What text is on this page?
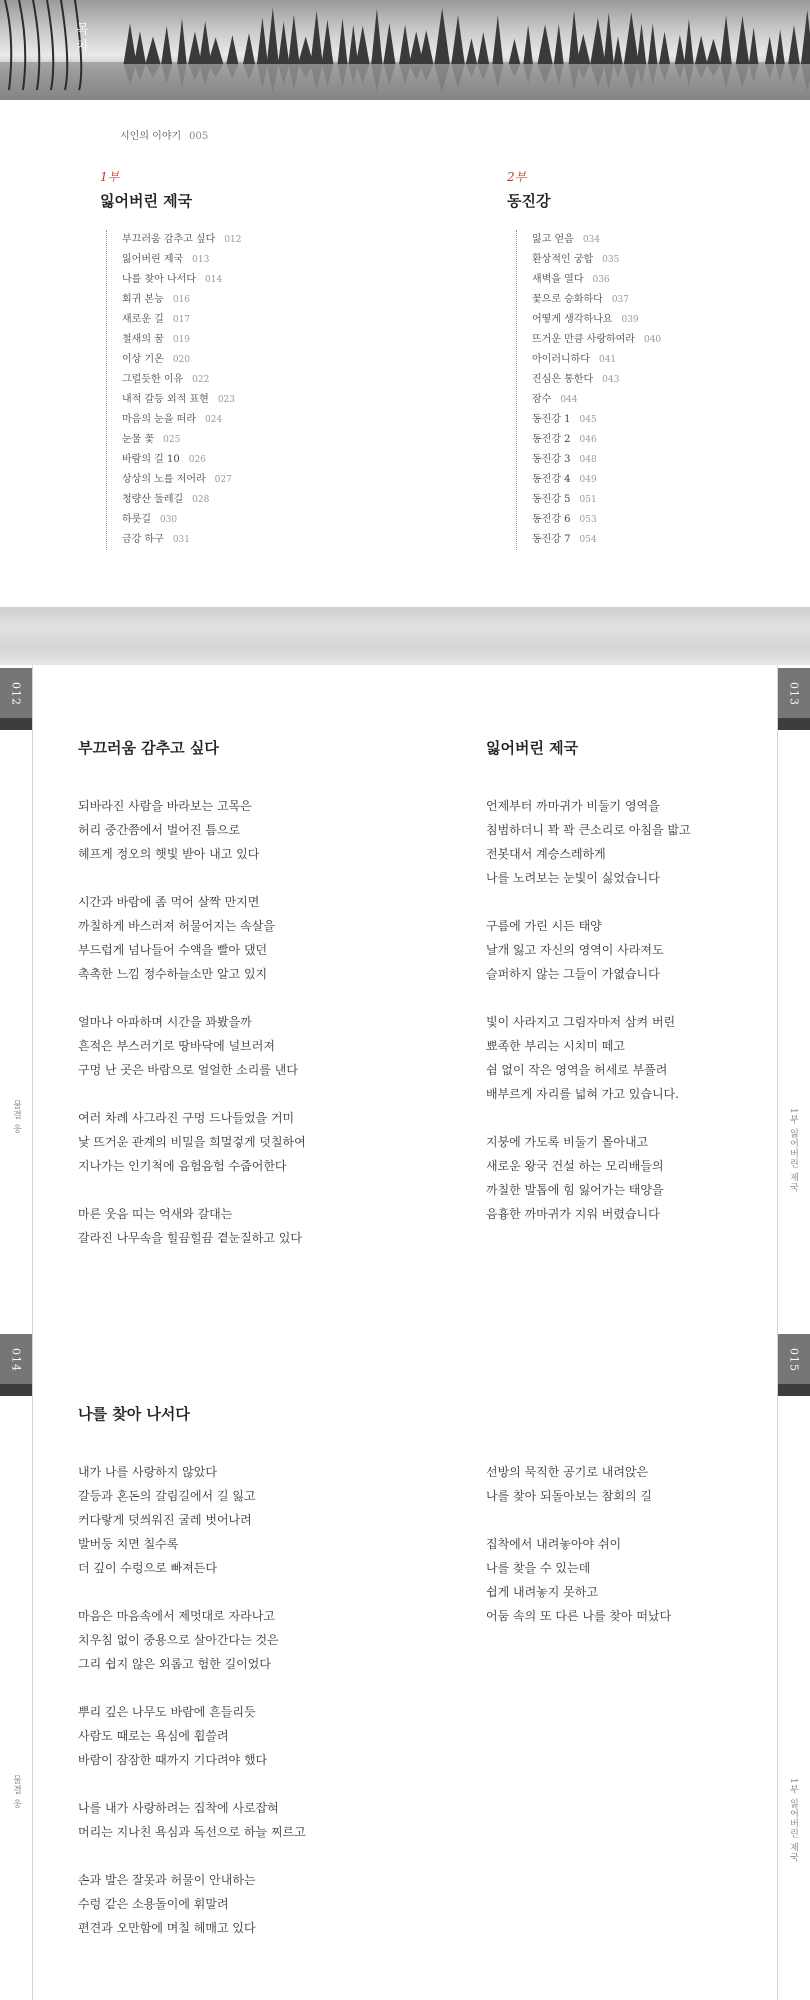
목차
시인의 이야기 005
1부
잃어버린 제국
부끄러움 감추고 싶다 012
잃어버린 제국 013
나를 찾아 나서다 014
회귀 본능 016
새로운 길 017
철새의 꿈 019
이상 기온 020
그럴듯한 이유 022
내적 갈등 외적 표현 023
마음의 눈을 떠라 024
눈물 꽃 025
바람의 길 10 026
상상의 노를 저어라 027
청량산 둘레길 028
하룻길 030
금강 하구 031
2부
동진강
잃고 얻음 034
환상적인 궁합 035
새벽을 열다 036
꽃으로 승화하다 037
어떻게 생각하나요 039
뜨거운 만큼 사랑하여라 040
아이러니하다 041
진심은 통한다 043
잠수 044
동진강 1 045
동진강 2 046
동진강 3 048
동진강 4 049
동진강 5 051
동진강 6 053
동진강 7 054
012	013
물결 웅	1부 잃어버린 제국
부끄러움 감추고 싶다
되바라진 사람을 바라보는 고목은
허리 중간쯤에서 벌어진 틈으로
헤프게 정오의 햇빛 받아 내고 있다
시간과 바람에 좀 먹어 살짝 만지면
까칠하게 바스러져 허물어지는 속살을
부드럽게 넘나들어 수액을 빨아 댔던
촉촉한 느낌 정수하늘소만 알고 있지
얼마나 아파하며 시간을 꽈봤을까
흔적은 부스러기로 땅바닥에 널브러져
구멍 난 곳은 바람으로 얼얼한 소리를 낸다
여러 차례 사그라진 구멍 드나들었을 거미
낯 뜨거운 관계의 비밀을 희멀겋게 덧칠하여
지나가는 인기척에 음험음험 수줍어한다
마른 웃음 띠는 억새와 갈대는
갈라진 나무속을 힐끔힐끔 곁눈질하고 있다
잃어버린 제국
언제부터 까마귀가 비둘기 영역을
침범하더니 꽉 꽉 큰소리로 아침을 밟고
전봇대서 계승스레하게
나를 노려보는 눈빛이 싫었습니다
구름에 가린 시든 태양
날개 잃고 자신의 영역이 사라져도
슬퍼하지 않는 그들이 가엾습니다
빛이 사라지고 그림자마저 삼켜 버린
뾰족한 부리는 시치미 떼고
쉼 없이 작은 영역을 허세로 부풀려
배부르게 자리를 넓혀 가고 있습니다.
지붕에 가도록 비둘기 몰아내고
새로운 왕국 건설 하는 모리배들의
까칠한 발톱에 힘 잃어가는 태양을
음흉한 까마귀가 지워 버렸습니다
014	015
물결 웅	1부 잃어버린 제국
나를 찾아 나서다
내가 나를 사랑하지 않았다
갈등과 혼돈의 갈림길에서 길 잃고
커다랗게 덧씌워진 굴레 벗어나려
발버둥 치면 칠수록
더 깊이 수렁으로 빠져든다
마음은 마음속에서 제멋대로 자라나고
치우침 없이 중용으로 살아간다는 것은
그리 쉽지 않은 외롭고 험한 길이었다
뿌리 깊은 나무도 바람에 흔들리듯
사람도 때로는 욕심에 휩쓸려
바람이 잠잠한 때까지 기다려야 했다
나를 내가 사랑하려는 집착에 사로잡혀
머리는 지나친 욕심과 독선으로 하늘 찌르고
손과 발은 잘못과 허물이 안내하는
수렁 같은 소용돌이에 휘말려
편견과 오만함에 며칠 헤매고 있다
선방의 묵직한 공기로 내려앉은
나를 찾아 되돌아보는 참회의 길
집착에서 내려놓아야 쉬이
나를 찾을 수 있는데
쉽게 내려놓지 못하고
어둠 속의 또 다른 나를 찾아 떠났다
